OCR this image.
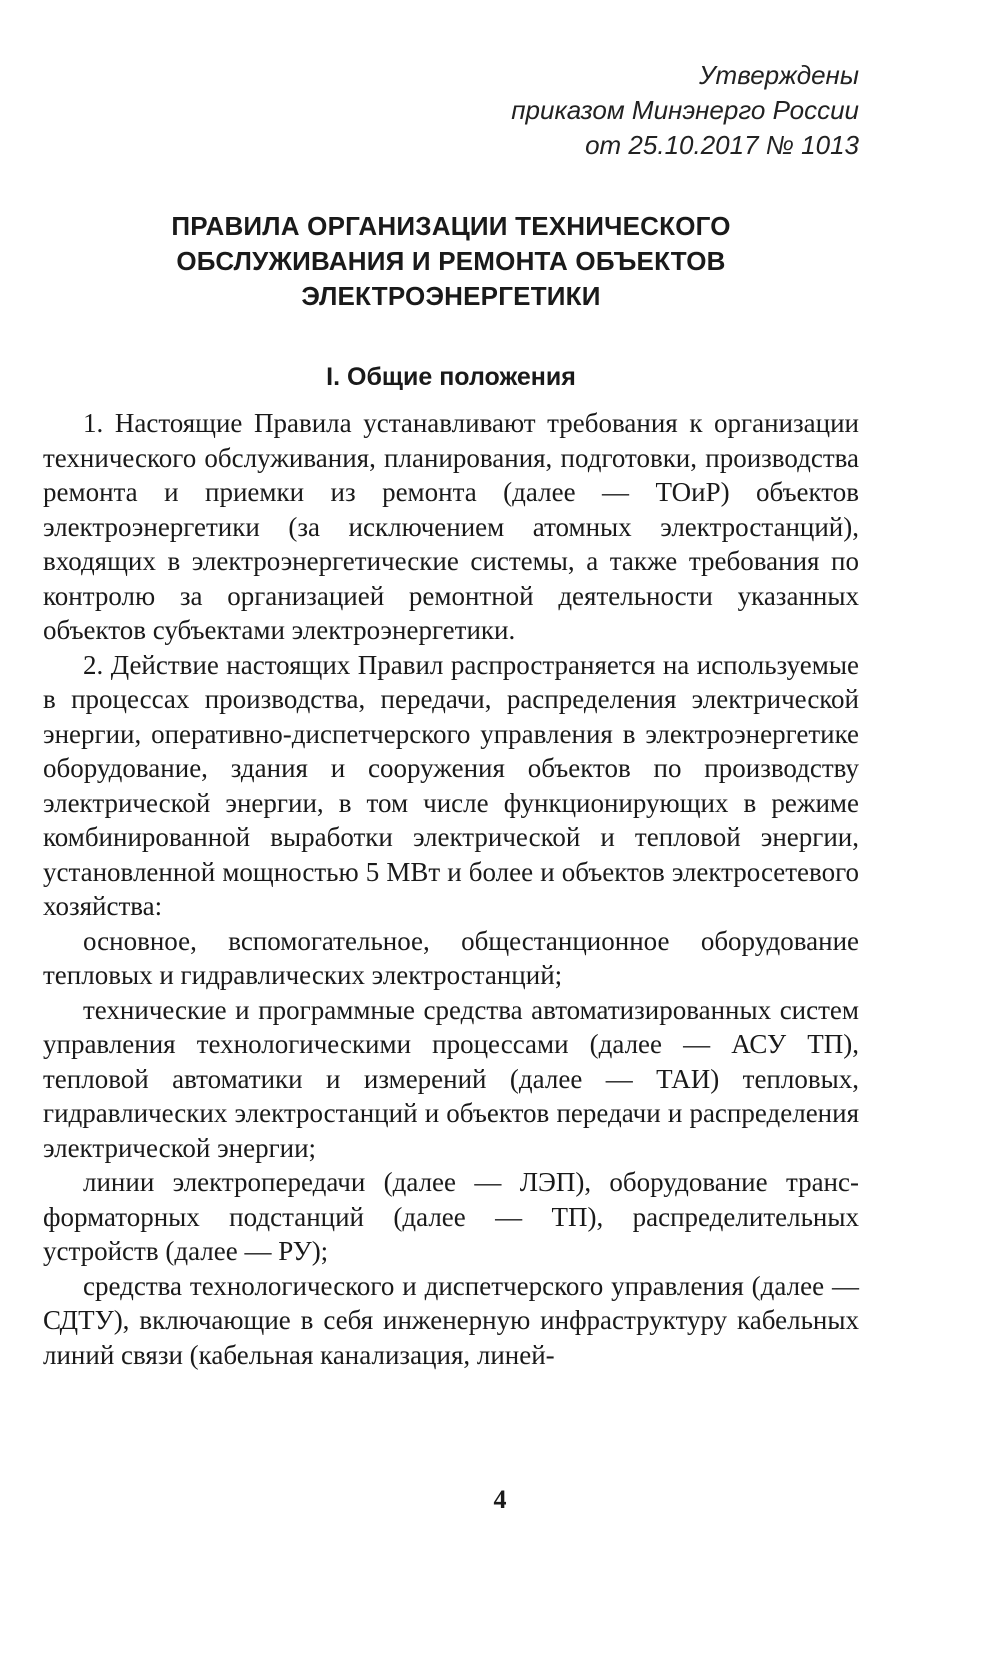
Утверждены
приказом Минэнерго России
от 25.10.2017 № 1013
ПРАВИЛА ОРГАНИЗАЦИИ ТЕХНИЧЕСКОГО
ОБСЛУЖИВАНИЯ И РЕМОНТА ОБЪЕКТОВ
ЭЛЕКТРОЭНЕРГЕТИКИ
I. Общие положения

1. Настоящие Правила устанавливают требования к организации технического обслуживания, планирования, подготовки, производства ремонта и приемки из ремонта (далее — ТОиР) объектов электроэнергетики (за исключением атомных электростанций), входящих в электроэнергетические системы, а также требования по контролю за организацией ремонтной деятельности указанных объектов субъектами электроэнергетики.

2. Действие настоящих Правил распространяется на используемые в процессах производства, передачи, распределения электрической энергии, оперативно-диспетчерского управления в электроэнергетике оборудование, здания и сооружения объектов по производству электрической энергии, в том числе функционирующих в режиме комбинированной выработки электрической и тепловой энергии, установленной мощностью 5 МВт и более и объектов электросетевого хозяйства:

основное, вспомогательное, общестанционное оборудование тепловых и гидравлических электростанций;

технические и программные средства автоматизированных систем управления технологическими процессами (далее — АСУ ТП), тепловой автоматики и измерений (далее — ТАИ) тепловых, гидравлических электростанций и объектов передачи и распределения электрической энергии;

линии электропередачи (далее — ЛЭП), оборудование трансформаторных подстанций (далее — ТП), распределительных устройств (далее — РУ);

средства технологического и диспетчерского управления (далее — СДТУ), включающие в себя инженерную инфраструктуру кабельных линий связи (кабельная канализация, линей-

4
